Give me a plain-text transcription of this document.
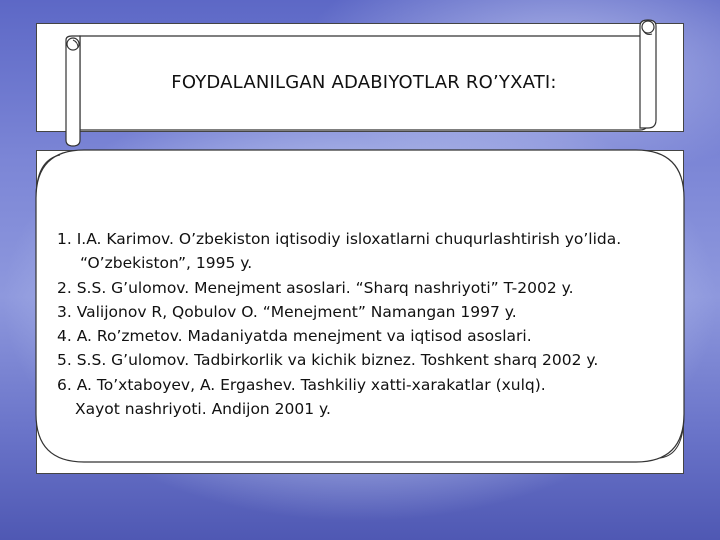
FOYDALANILGAN ADABIYOTLAR RO’YXATI:
1. I.A. Karimov. O’zbekiston iqtisodiy isloxatlarni chuqurlashtirish yo’lida.
“O’zbekiston”, 1995 y.
2. S.S. G’ulomov. Menejment asoslari. “Sharq nashriyoti” T-2002 y.
3. Valijonov R, Qobulov O. “Menejment” Namangan 1997 y.
4. A. Ro’zmetov. Madaniyatda menejment va iqtisod asoslari.
5. S.S. G’ulomov. Tadbirkorlik va kichik biznez. Toshkent sharq 2002 y.
6. A. To’xtaboyev, A. Ergashev. Tashkiliy xatti-xarakatlar (xulq).
Xayot nashriyoti. Andijon 2001 y.
